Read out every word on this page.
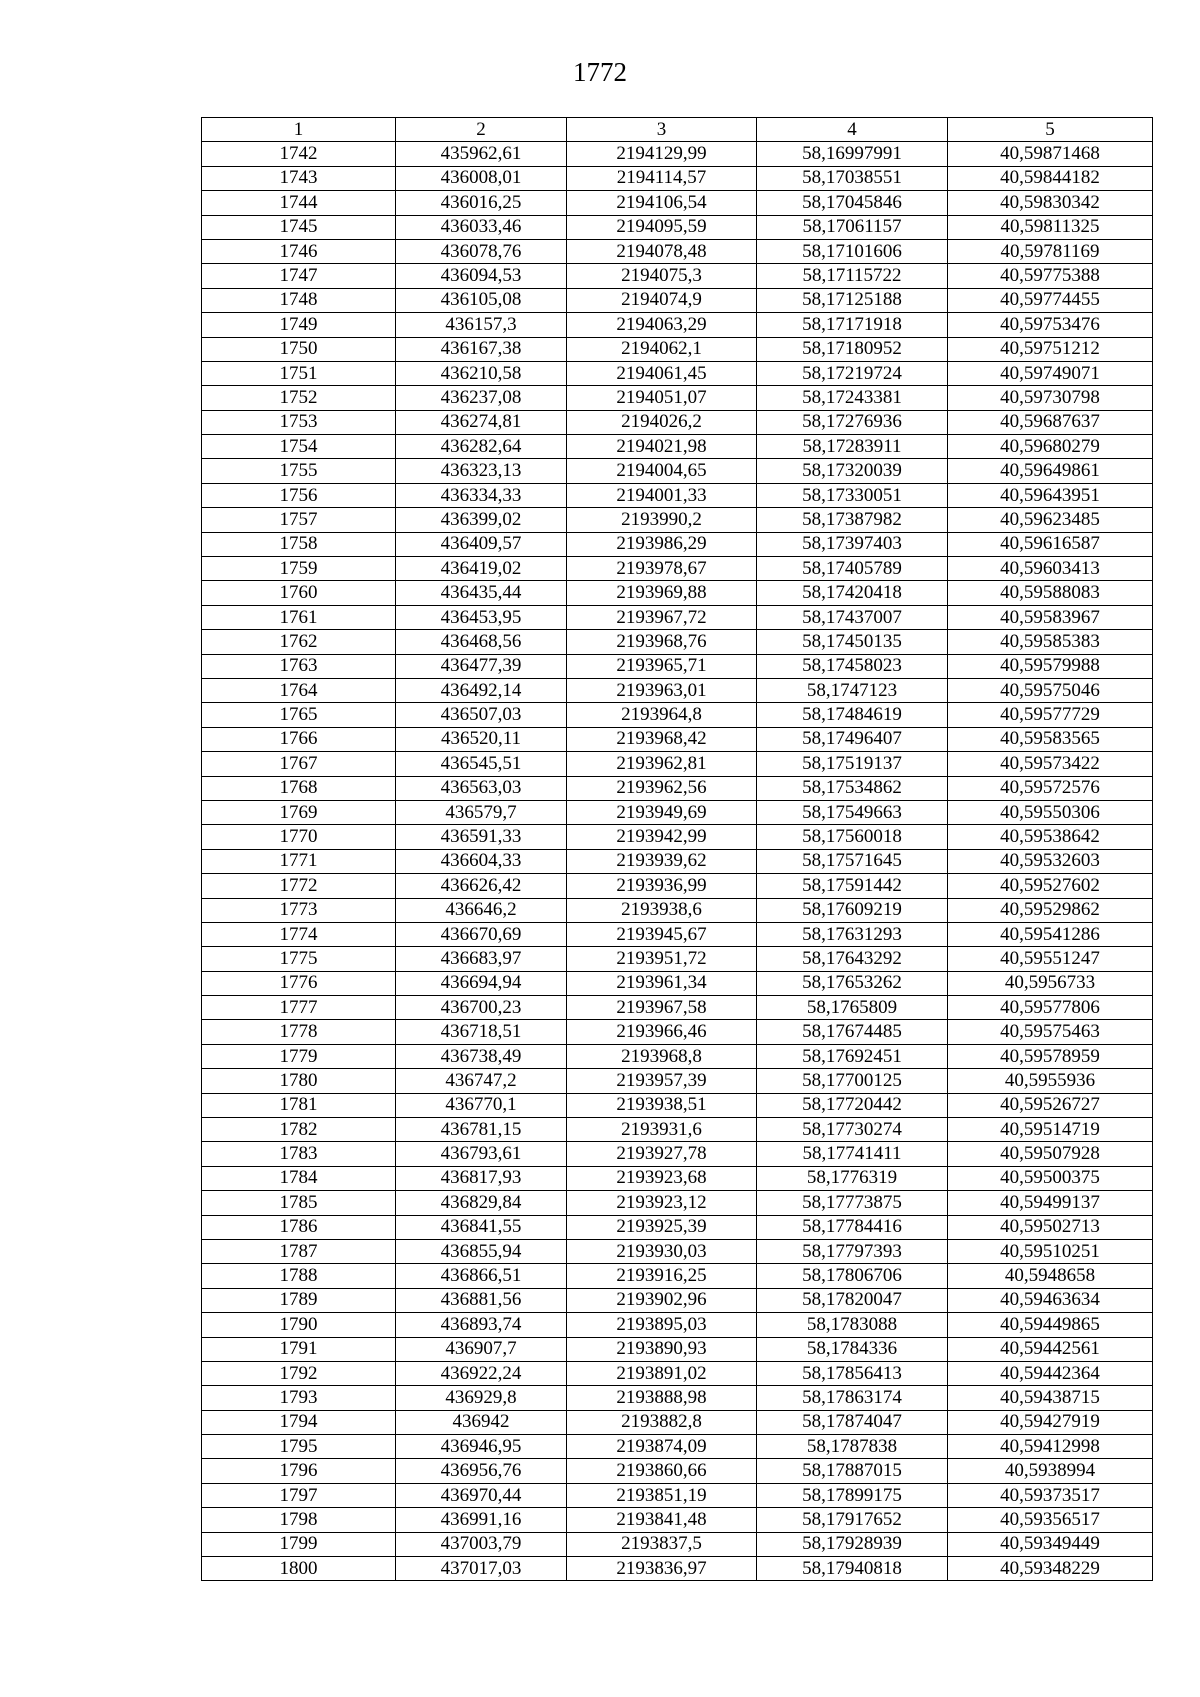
1772
1	2	3	4	5
1742	435962,61	2194129,99	58,16997991	40,59871468
1743	436008,01	2194114,57	58,17038551	40,59844182
1744	436016,25	2194106,54	58,17045846	40,59830342
1745	436033,46	2194095,59	58,17061157	40,59811325
1746	436078,76	2194078,48	58,17101606	40,59781169
1747	436094,53	2194075,3	58,17115722	40,59775388
1748	436105,08	2194074,9	58,17125188	40,59774455
1749	436157,3	2194063,29	58,17171918	40,59753476
1750	436167,38	2194062,1	58,17180952	40,59751212
1751	436210,58	2194061,45	58,17219724	40,59749071
1752	436237,08	2194051,07	58,17243381	40,59730798
1753	436274,81	2194026,2	58,17276936	40,59687637
1754	436282,64	2194021,98	58,17283911	40,59680279
1755	436323,13	2194004,65	58,17320039	40,59649861
1756	436334,33	2194001,33	58,17330051	40,59643951
1757	436399,02	2193990,2	58,17387982	40,59623485
1758	436409,57	2193986,29	58,17397403	40,59616587
1759	436419,02	2193978,67	58,17405789	40,59603413
1760	436435,44	2193969,88	58,17420418	40,59588083
1761	436453,95	2193967,72	58,17437007	40,59583967
1762	436468,56	2193968,76	58,17450135	40,59585383
1763	436477,39	2193965,71	58,17458023	40,59579988
1764	436492,14	2193963,01	58,1747123	40,59575046
1765	436507,03	2193964,8	58,17484619	40,59577729
1766	436520,11	2193968,42	58,17496407	40,59583565
1767	436545,51	2193962,81	58,17519137	40,59573422
1768	436563,03	2193962,56	58,17534862	40,59572576
1769	436579,7	2193949,69	58,17549663	40,59550306
1770	436591,33	2193942,99	58,17560018	40,59538642
1771	436604,33	2193939,62	58,17571645	40,59532603
1772	436626,42	2193936,99	58,17591442	40,59527602
1773	436646,2	2193938,6	58,17609219	40,59529862
1774	436670,69	2193945,67	58,17631293	40,59541286
1775	436683,97	2193951,72	58,17643292	40,59551247
1776	436694,94	2193961,34	58,17653262	40,5956733
1777	436700,23	2193967,58	58,1765809	40,59577806
1778	436718,51	2193966,46	58,17674485	40,59575463
1779	436738,49	2193968,8	58,17692451	40,59578959
1780	436747,2	2193957,39	58,17700125	40,5955936
1781	436770,1	2193938,51	58,17720442	40,59526727
1782	436781,15	2193931,6	58,17730274	40,59514719
1783	436793,61	2193927,78	58,17741411	40,59507928
1784	436817,93	2193923,68	58,1776319	40,59500375
1785	436829,84	2193923,12	58,17773875	40,59499137
1786	436841,55	2193925,39	58,17784416	40,59502713
1787	436855,94	2193930,03	58,17797393	40,59510251
1788	436866,51	2193916,25	58,17806706	40,5948658
1789	436881,56	2193902,96	58,17820047	40,59463634
1790	436893,74	2193895,03	58,1783088	40,59449865
1791	436907,7	2193890,93	58,1784336	40,59442561
1792	436922,24	2193891,02	58,17856413	40,59442364
1793	436929,8	2193888,98	58,17863174	40,59438715
1794	436942	2193882,8	58,17874047	40,59427919
1795	436946,95	2193874,09	58,1787838	40,59412998
1796	436956,76	2193860,66	58,17887015	40,5938994
1797	436970,44	2193851,19	58,17899175	40,59373517
1798	436991,16	2193841,48	58,17917652	40,59356517
1799	437003,79	2193837,5	58,17928939	40,59349449
1800	437017,03	2193836,97	58,17940818	40,59348229
